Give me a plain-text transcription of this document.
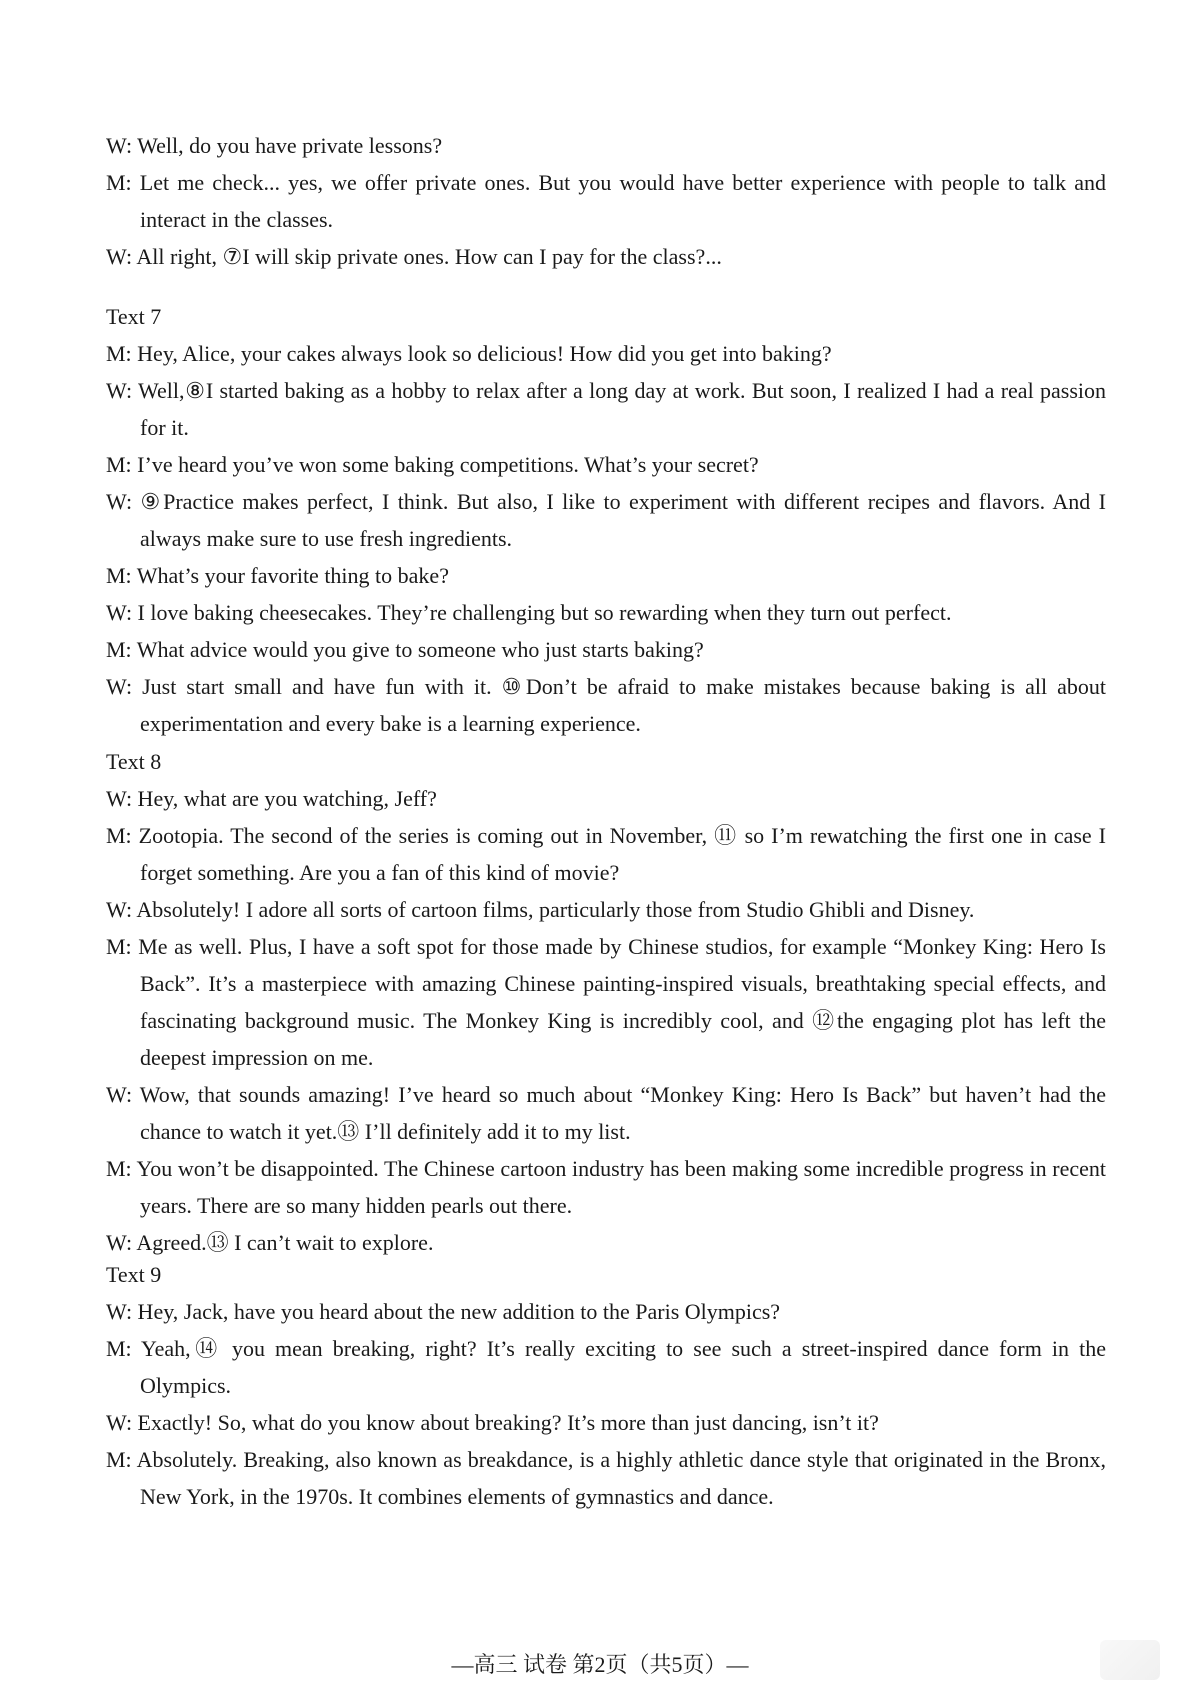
W: Well, do you have private lessons?
M: Let me check... yes, we offer private ones. But you would have better experience with people to talk and interact in the classes.
W: All right, ⑦I will skip private ones. How can I pay for the class?...
Text 7
M: Hey, Alice, your cakes always look so delicious! How did you get into baking?
W: Well,⑧I started baking as a hobby to relax after a long day at work. But soon, I realized I had a real passion for it.
M: I’ve heard you’ve won some baking competitions. What’s your secret?
W: ⑨Practice makes perfect, I think. But also, I like to experiment with different recipes and flavors. And I always make sure to use fresh ingredients.
M: What’s your favorite thing to bake?
W: I love baking cheesecakes. They’re challenging but so rewarding when they turn out perfect.
M: What advice would you give to someone who just starts baking?
W: Just start small and have fun with it. ⑩Don’t be afraid to make mistakes because baking is all about experimentation and every bake is a learning experience.
Text 8
W: Hey, what are you watching, Jeff?
M: Zootopia. The second of the series is coming out in November, ⑪ so I’m rewatching the first one in case I forget something. Are you a fan of this kind of movie?
W: Absolutely! I adore all sorts of cartoon films, particularly those from Studio Ghibli and Disney.
M: Me as well. Plus, I have a soft spot for those made by Chinese studios, for example “Monkey King: Hero Is Back”. It’s a masterpiece with amazing Chinese painting-inspired visuals, breathtaking special effects, and fascinating background music. The Monkey King is incredibly cool, and ⑫the engaging plot has left the deepest impression on me.
W: Wow, that sounds amazing! I’ve heard so much about “Monkey King: Hero Is Back” but haven’t had the chance to watch it yet.⑬ I’ll definitely add it to my list.
M: You won’t be disappointed. The Chinese cartoon industry has been making some incredible progress in recent years. There are so many hidden pearls out there.
W: Agreed.⑬ I can’t wait to explore.
Text 9
W: Hey, Jack, have you heard about the new addition to the Paris Olympics?
M: Yeah,⑭ you mean breaking, right? It’s really exciting to see such a street-inspired dance form in the Olympics.
W: Exactly! So, what do you know about breaking? It’s more than just dancing, isn’t it?
M: Absolutely. Breaking, also known as breakdance, is a highly athletic dance style that originated in the Bronx, New York, in the 1970s. It combines elements of gymnastics and dance.
—高三 试卷 第2页（共5页）—
